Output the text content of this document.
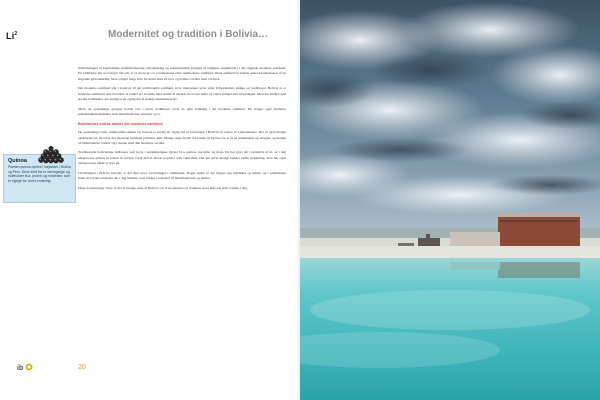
Li$^2$	Modernitet og tradition i Bolivia…

indvirkningen af kapitalisme, industrialisering, urbanisering og sekularisering (brugen af religiøse argumenter) i det stigende moderne samfund. En 1940'erne har sociologer talt om, at vi nu lever i et postmoderne eller senmoderne samfund. Dette samfund er blandt andet karakteriseret af en stigende globalisering. Man vælger langt selv, hvordan man vil leve og hvilke værdier man vil have.

Det moderne samfund står i kontrast til det traditionelle samfund, hvor mennesker lever efter fællesskabets skikke og traditioner. Bolivia er et moderne samfund i den forstand, at landet er i kontakt med resten af verden, hvor nye idéer og vaner bringes ind i hverdagen. Men der findes også stærke traditioner, der stadig er en vigtig del af mange menneskers liv.

Mens de oprindelige grupper holder fast i deres traditioner, lever de dele samtidig i det moderne samfund. De bruger også moderne kommunikationsmidler som mobiltelefoner, internet og tv.

Bolivianske skikke møder det moderne samfund

De oprindelige folks traditionelle skikke og levevis er stadig en vigtig del af hverdagen i Bolivia og resten af Latinamerika. Der er også mange eksempler på, hvordan det moderne samfund påvirker dem. Mange unge flytter fra landet til byerne for at få en uddannelse og arbejde, og mange af traditionerne ændrer sig i mødet med den moderne verden.

Traditionelle bolivianske indianere som lever i Andesbjergene dyrker bl.a. quinoa, kartofler og majs. De har gjort det i tusindvis af år, og i dag eksporteres quinoa til resten af verden, fordi den er blevet populær som sund mad. Det har givet mange bønder bedre indtjening, men har også ændret deres måde at leve på.

Udviklingen i Bolivia betyder, at der sker store forandringer i samfundet. Nogle steder er der bygget nye fabrikker og miner, og i saltørkenen Salar de Uyuni udvindes der i dag lithium, som bruges i batterier til mobiltelefoner og elbiler.

Disse forandringer viser, at der er mange sider af Bolivia, og at modernitet og tradition lever side om side i landet i dag.

Quinoa
Planten quinoa dyrkes i højlandet i Bolivia og Peru. Dens små frø er næringsrige og indeholder bl.a. protein og mineraler, som er vigtige for vores ernæring.
ib	20
